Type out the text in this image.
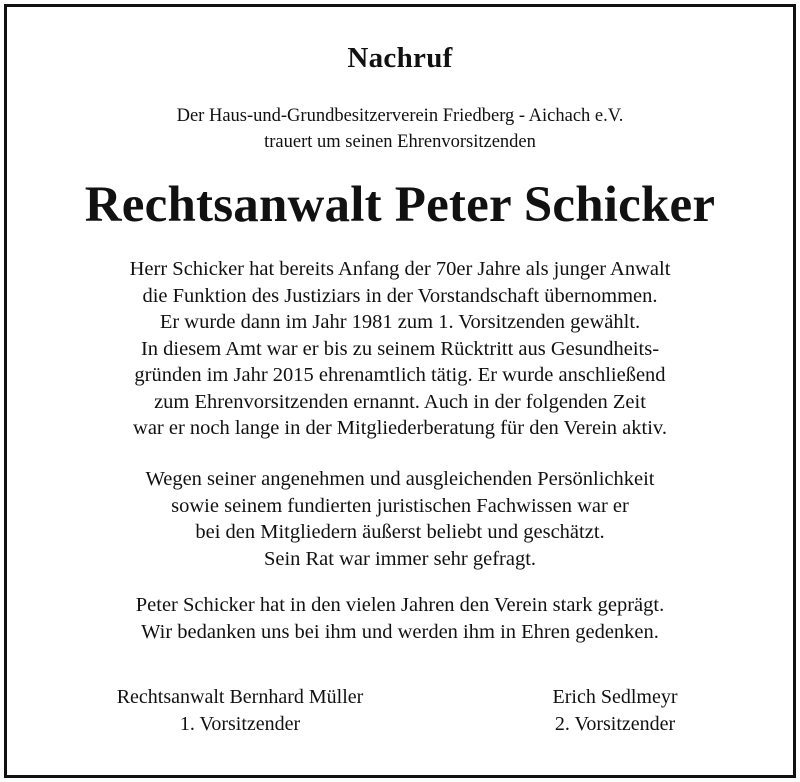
Nachruf
Der Haus-und-Grundbesitzerverein Friedberg - Aichach e.V.
trauert um seinen Ehrenvorsitzenden
Rechtsanwalt Peter Schicker
Herr Schicker hat bereits Anfang der 70er Jahre als junger Anwalt
die Funktion des Justiziars in der Vorstandschaft übernommen.
Er wurde dann im Jahr 1981 zum 1. Vorsitzenden gewählt.
In diesem Amt war er bis zu seinem Rücktritt aus Gesundheits-
gründen im Jahr 2015 ehrenamtlich tätig. Er wurde anschließend
zum Ehrenvorsitzenden ernannt. Auch in der folgenden Zeit
war er noch lange in der Mitgliederberatung für den Verein aktiv.
Wegen seiner angenehmen und ausgleichenden Persönlichkeit
sowie seinem fundierten juristischen Fachwissen war er
bei den Mitgliedern äußerst beliebt und geschätzt.
Sein Rat war immer sehr gefragt.
Peter Schicker hat in den vielen Jahren den Verein stark geprägt.
Wir bedanken uns bei ihm und werden ihm in Ehren gedenken.
Rechtsanwalt Bernhard Müller
1. Vorsitzender
Erich Sedlmeyr
2. Vorsitzender
